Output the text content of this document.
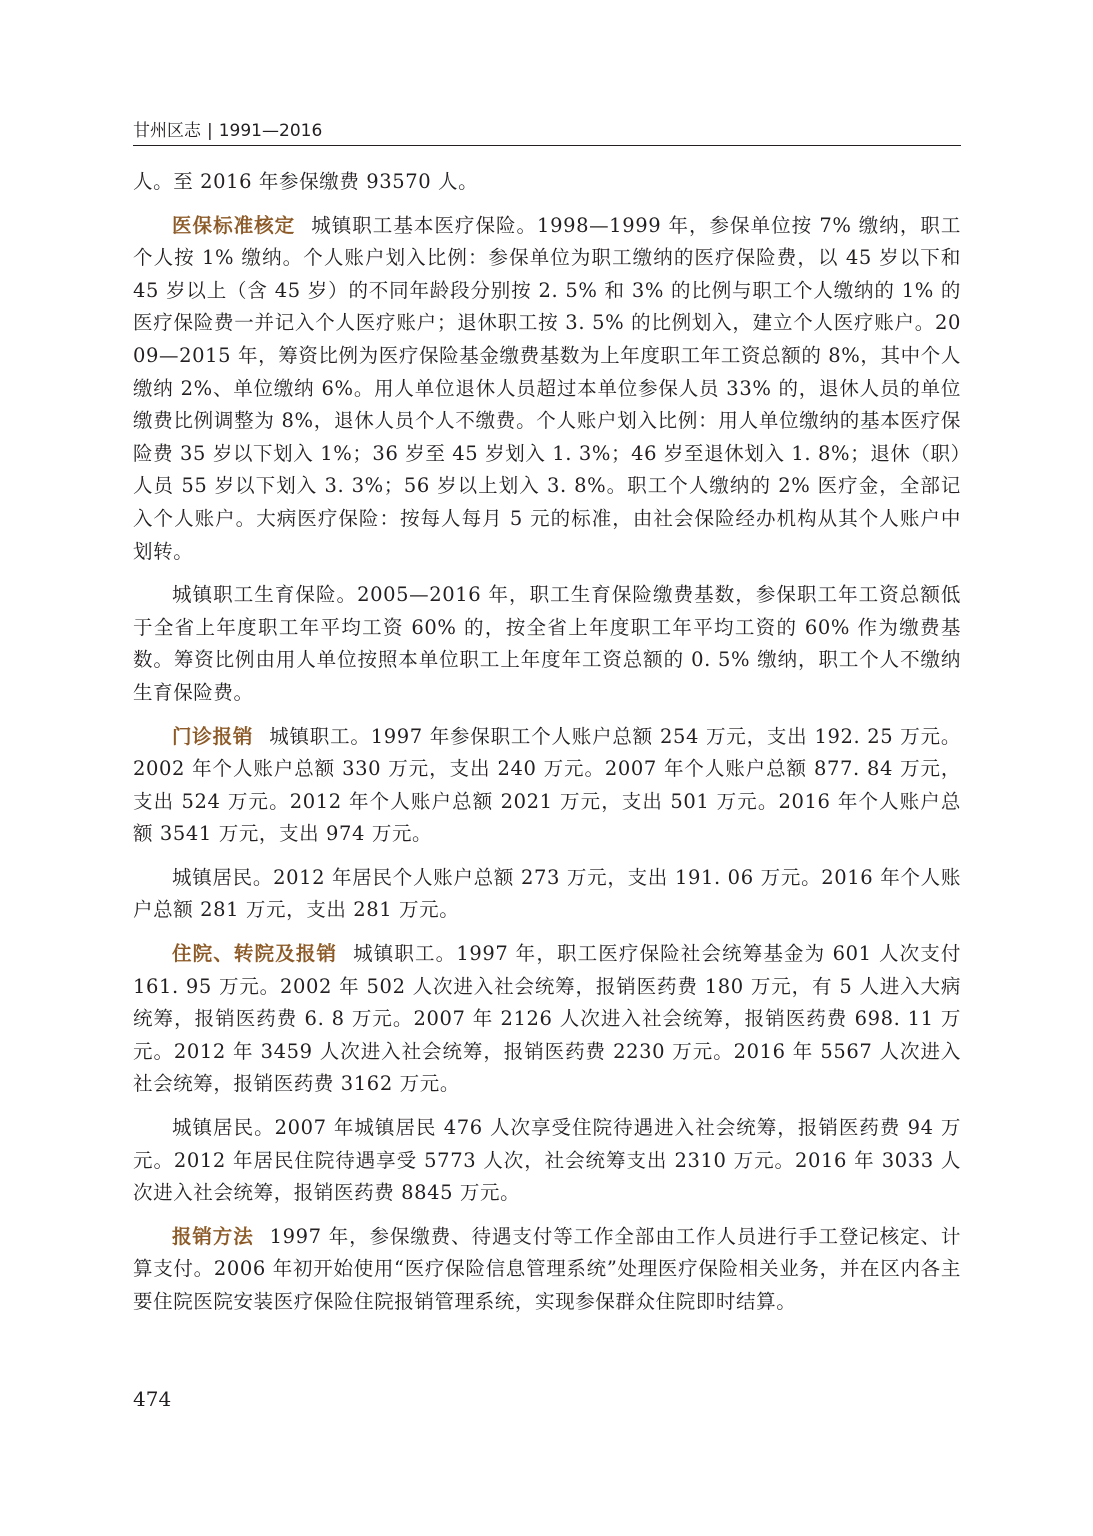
甘州区志 | 1991—2016

人。至 2016 年参保缴费 93570 人。

医保标准核定 城镇职工基本医疗保险。1998—1999 年，参保单位按 7% 缴纳，职工个人按 1% 缴纳。个人账户划入比例：参保单位为职工缴纳的医疗保险费，以 45 岁以下和 45 岁以上（含 45 岁）的不同年龄段分别按 2. 5% 和 3% 的比例与职工个人缴纳的 1% 的医疗保险费一并记入个人医疗账户；退休职工按 3. 5% 的比例划入，建立个人医疗账户。2009—2015 年，筹资比例为医疗保险基金缴费基数为上年度职工年工资总额的 8%，其中个人缴纳 2%、单位缴纳 6%。用人单位退休人员超过本单位参保人员 33% 的，退休人员的单位缴费比例调整为 8%，退休人员个人不缴费。个人账户划入比例：用人单位缴纳的基本医疗保险费 35 岁以下划入 1%；36 岁至 45 岁划入 1. 3%；46 岁至退休划入 1. 8%；退休（职）人员 55 岁以下划入 3. 3%；56 岁以上划入 3. 8%。职工个人缴纳的 2% 医疗金，全部记入个人账户。大病医疗保险：按每人每月 5 元的标准，由社会保险经办机构从其个人账户中划转。

城镇职工生育保险。2005—2016 年，职工生育保险缴费基数，参保职工年工资总额低于全省上年度职工年平均工资 60% 的，按全省上年度职工年平均工资的 60% 作为缴费基数。筹资比例由用人单位按照本单位职工上年度年工资总额的 0. 5% 缴纳，职工个人不缴纳生育保险费。

门诊报销 城镇职工。1997 年参保职工个人账户总额 254 万元，支出 192. 25 万元。2002 年个人账户总额 330 万元，支出 240 万元。2007 年个人账户总额 877. 84 万元，支出 524 万元。2012 年个人账户总额 2021 万元，支出 501 万元。2016 年个人账户总额 3541 万元，支出 974 万元。

城镇居民。2012 年居民个人账户总额 273 万元，支出 191. 06 万元。2016 年个人账户总额 281 万元，支出 281 万元。

住院、转院及报销 城镇职工。1997 年，职工医疗保险社会统筹基金为 601 人次支付 161. 95 万元。2002 年 502 人次进入社会统筹，报销医药费 180 万元，有 5 人进入大病统筹，报销医药费 6. 8 万元。2007 年 2126 人次进入社会统筹，报销医药费 698. 11 万元。2012 年 3459 人次进入社会统筹，报销医药费 2230 万元。2016 年 5567 人次进入社会统筹，报销医药费 3162 万元。

城镇居民。2007 年城镇居民 476 人次享受住院待遇进入社会统筹，报销医药费 94 万元。2012 年居民住院待遇享受 5773 人次，社会统筹支出 2310 万元。2016 年 3033 人次进入社会统筹，报销医药费 8845 万元。

报销方法 1997 年，参保缴费、待遇支付等工作全部由工作人员进行手工登记核定、计算支付。2006 年初开始使用“医疗保险信息管理系统”处理医疗保险相关业务，并在区内各主要住院医院安装医疗保险住院报销管理系统，实现参保群众住院即时结算。

474
